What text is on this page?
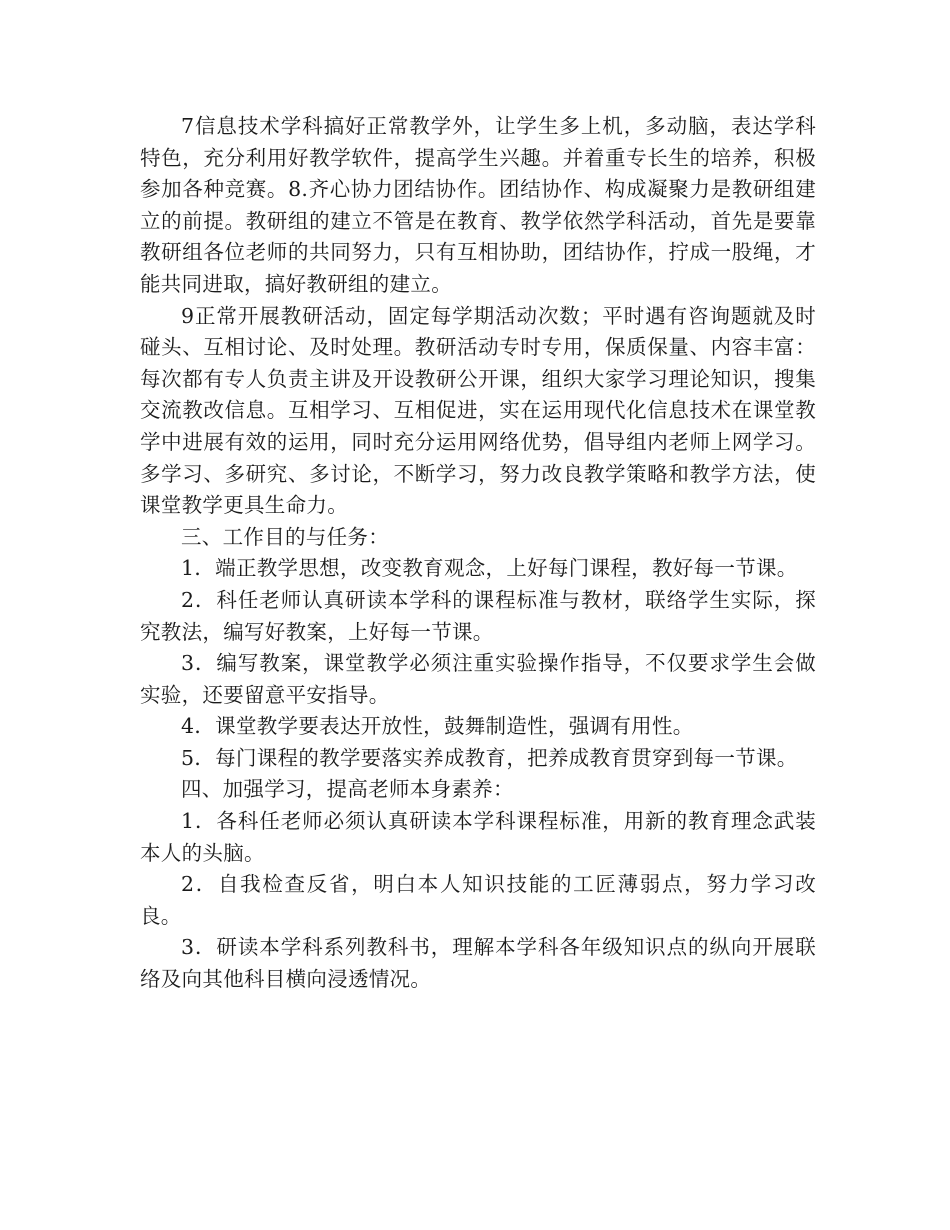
7信息技术学科搞好正常教学外，让学生多上机，多动脑，表达学科特色，充分利用好教学软件，提高学生兴趣。并着重专长生的培养，积极参加各种竞赛。8.齐心协力团结协作。团结协作、构成凝聚力是教研组建立的前提。教研组的建立不管是在教育、教学依然学科活动，首先是要靠教研组各位老师的共同努力，只有互相协助，团结协作，拧成一股绳，才能共同进取，搞好教研组的建立。

9正常开展教研活动，固定每学期活动次数；平时遇有咨询题就及时碰头、互相讨论、及时处理。教研活动专时专用，保质保量、内容丰富：每次都有专人负责主讲及开设教研公开课，组织大家学习理论知识，搜集交流教改信息。互相学习、互相促进，实在运用现代化信息技术在课堂教学中进展有效的运用，同时充分运用网络优势，倡导组内老师上网学习。多学习、多研究、多讨论，不断学习，努力改良教学策略和教学方法，使课堂教学更具生命力。

三、工作目的与任务：

1．端正教学思想，改变教育观念，上好每门课程，教好每一节课。

2．科任老师认真研读本学科的课程标准与教材，联络学生实际，探究教法，编写好教案，上好每一节课。

3．编写教案，课堂教学必须注重实验操作指导，不仅要求学生会做实验，还要留意平安指导。

4．课堂教学要表达开放性，鼓舞制造性，强调有用性。

5．每门课程的教学要落实养成教育，把养成教育贯穿到每一节课。

四、加强学习，提高老师本身素养：

1．各科任老师必须认真研读本学科课程标准，用新的教育理念武装本人的头脑。

2．自我检查反省，明白本人知识技能的工匠薄弱点，努力学习改良。

3．研读本学科系列教科书，理解本学科各年级知识点的纵向开展联络及向其他科目横向浸透情况。
